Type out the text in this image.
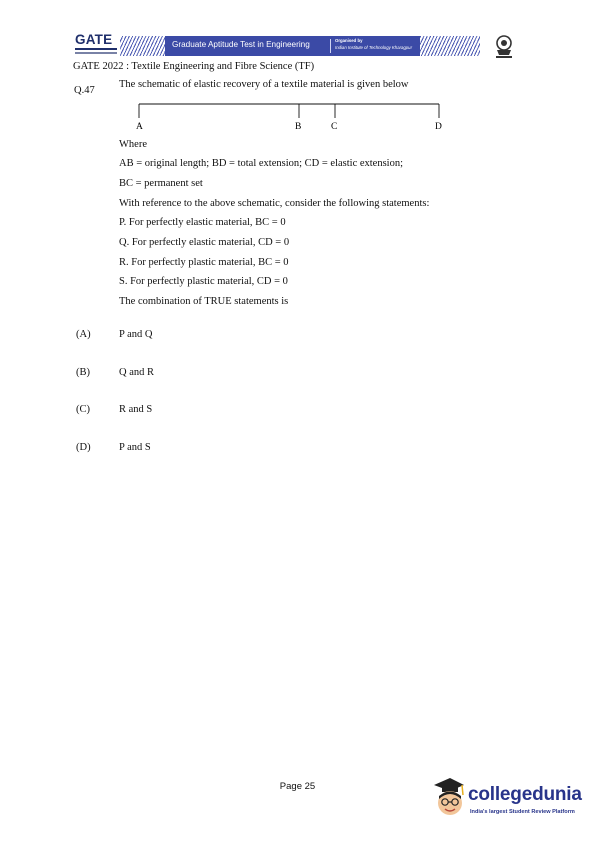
GATE	Graduate Aptitude Test in Engineering	Organised by
Indian Institute of Technology Kharagpur
GATE 2022 : Textile Engineering and Fibre Science (TF)
Q.47
The schematic of elastic recovery of a textile material is given below
A	B	C	D
Where
AB = original length; BD = total extension; CD = elastic extension;
BC = permanent set
With reference to the above schematic, consider the following statements:
P. For perfectly elastic material, BC = 0
Q. For perfectly elastic material, CD = 0
R. For perfectly plastic material, BC = 0
S. For perfectly plastic material, CD = 0
The combination of TRUE statements is
(A)	P and Q
(B)	Q and R
(C)	R and S
(D)	P and S
Page 25	collegedunia
India's largest Student Review Platform
